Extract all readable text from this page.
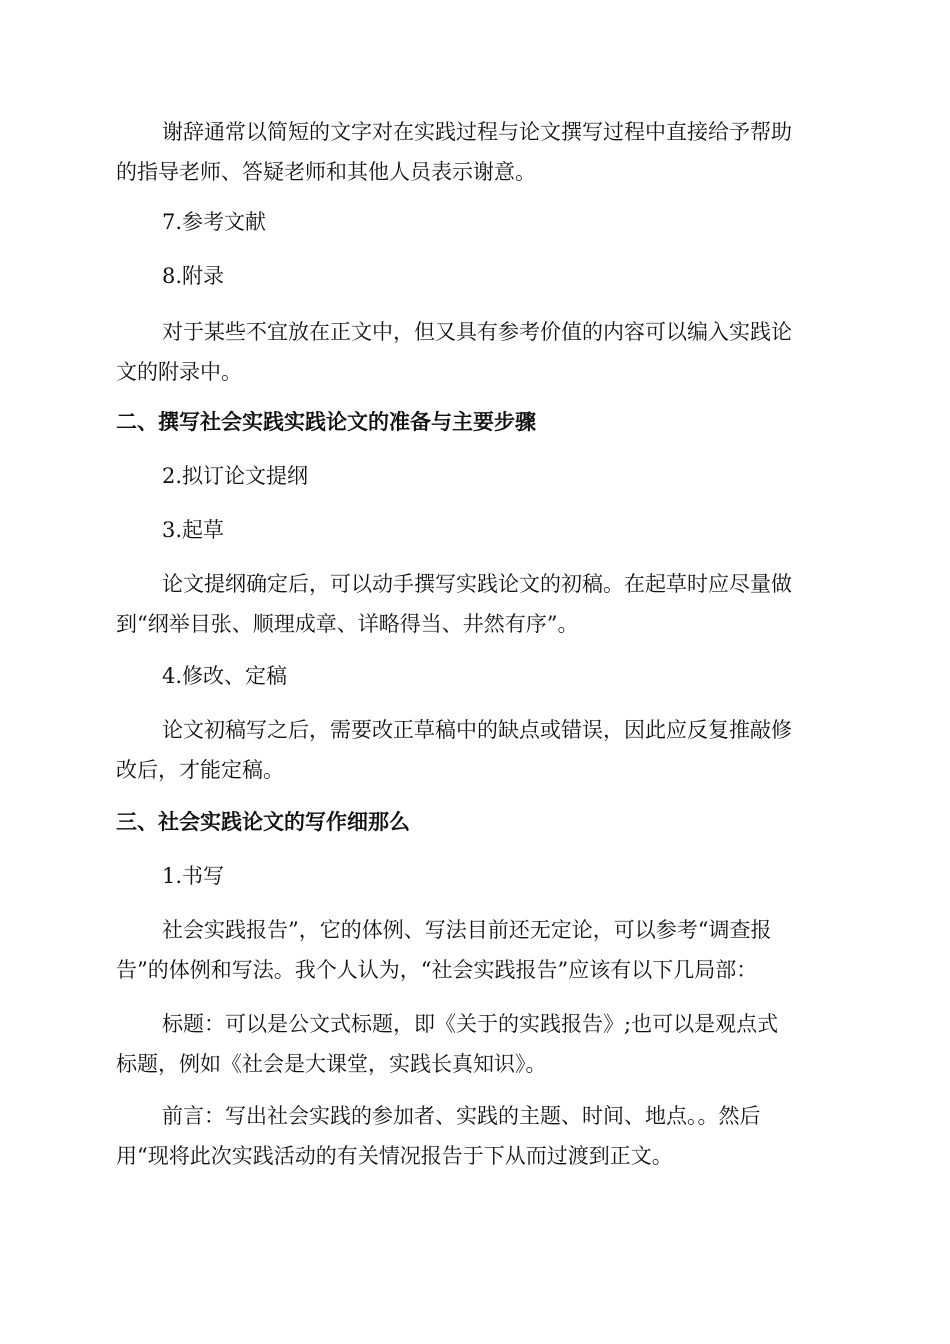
谢辞通常以简短的文字对在实践过程与论文撰写过程中直接给予帮助
的指导老师、答疑老师和其他人员表示谢意。
7.参考文献
8.附录
对于某些不宜放在正文中，但又具有参考价值的内容可以编入实践论
文的附录中。
二、撰写社会实践实践论文的准备与主要步骤
2.拟订论文提纲
3.起草
论文提纲确定后，可以动手撰写实践论文的初稿。在起草时应尽量做
到“纲举目张、顺理成章、详略得当、井然有序”。
4.修改、定稿
论文初稿写之后，需要改正草稿中的缺点或错误，因此应反复推敲修
改后，才能定稿。
三、社会实践论文的写作细那么
1.书写
社会实践报告”，它的体例、写法目前还无定论，可以参考“调查报
告”的体例和写法。我个人认为，“社会实践报告”应该有以下几局部：
标题：可以是公文式标题，即《关于的实践报告》;也可以是观点式
标题，例如《社会是大课堂，实践长真知识》。
前言：写出社会实践的参加者、实践的主题、时间、地点。。然后
用“现将此次实践活动的有关情况报告于下从而过渡到正文。
